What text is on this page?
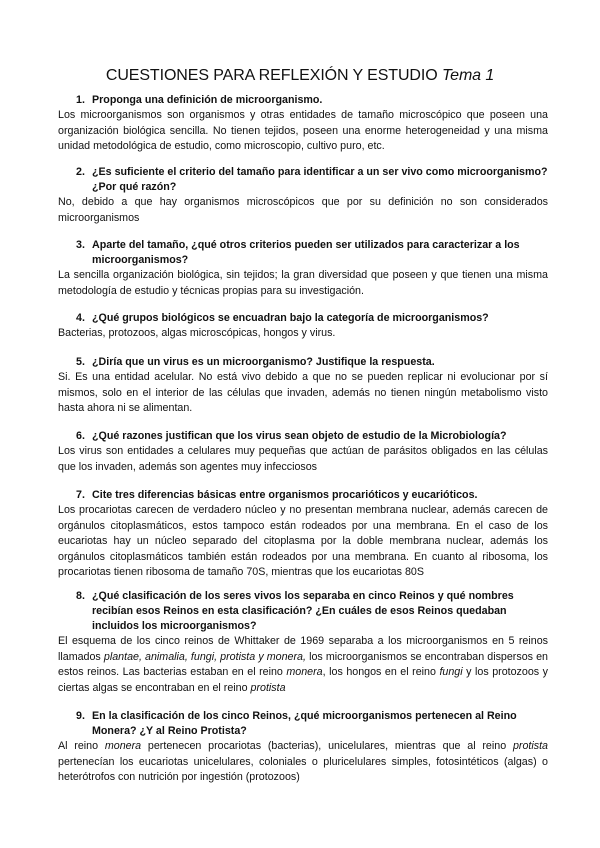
CUESTIONES PARA REFLEXIÓN Y ESTUDIO Tema 1

1. Proponga una definición de microorganismo.

Los microorganismos son organismos y otras entidades de tamaño microscópico que poseen una organización biológica sencilla. No tienen tejidos, poseen una enorme heterogeneidad y una misma unidad metodológica de estudio, como microscopio, cultivo puro, etc.

2. ¿Es suficiente el criterio del tamaño para identificar a un ser vivo como microorganismo? ¿Por qué razón?

No, debido a que hay organismos microscópicos que por su definición no son considerados microorganismos

3. Aparte del tamaño, ¿qué otros criterios pueden ser utilizados para caracterizar a los microorganismos?

La sencilla organización biológica, sin tejidos; la gran diversidad que poseen y que tienen una misma metodología de estudio y técnicas propias para su investigación.

4. ¿Qué grupos biológicos se encuadran bajo la categoría de microorganismos?

Bacterias, protozoos, algas microscópicas, hongos y virus.

5. ¿Diría que un virus es un microorganismo? Justifique la respuesta.

Si. Es una entidad acelular. No está vivo debido a que no se pueden replicar ni evolucionar por sí mismos, solo en el interior de las células que invaden, además no tienen ningún metabolismo visto hasta ahora ni se alimentan.

6. ¿Qué razones justifican que los virus sean objeto de estudio de la Microbiología?

Los virus son entidades a celulares muy pequeñas que actúan de parásitos obligados en las células que los invaden, además son agentes muy infecciosos

7. Cite tres diferencias básicas entre organismos procarióticos y eucarióticos.

Los procariotas carecen de verdadero núcleo y no presentan membrana nuclear, además carecen de orgánulos citoplasmáticos, estos tampoco están rodeados por una membrana. En el caso de los eucariotas hay un núcleo separado del citoplasma por la doble membrana nuclear, además los orgánulos citoplasmáticos también están rodeados por una membrana. En cuanto al ribosoma, los procariotas tienen ribosoma de tamaño 70S, mientras que los eucariotas 80S

8. ¿Qué clasificación de los seres vivos los separaba en cinco Reinos y qué nombres recibían esos Reinos en esta clasificación? ¿En cuáles de esos Reinos quedaban incluidos los microorganismos?

El esquema de los cinco reinos de Whittaker de 1969 separaba a los microorganismos en 5 reinos llamados plantae, animalia, fungi, protista y monera, los microorganismos se encontraban dispersos en estos reinos. Las bacterias estaban en el reino monera, los hongos en el reino fungi y los protozoos y ciertas algas se encontraban en el reino protista

9. En la clasificación de los cinco Reinos, ¿qué microorganismos pertenecen al Reino Monera? ¿Y al Reino Protista?

Al reino monera pertenecen procariotas (bacterias), unicelulares, mientras que al reino protista pertenecían los eucariotas unicelulares, coloniales o pluricelulares simples, fotosintéticos (algas) o heterótrofos con nutrición por ingestión (protozoos)
